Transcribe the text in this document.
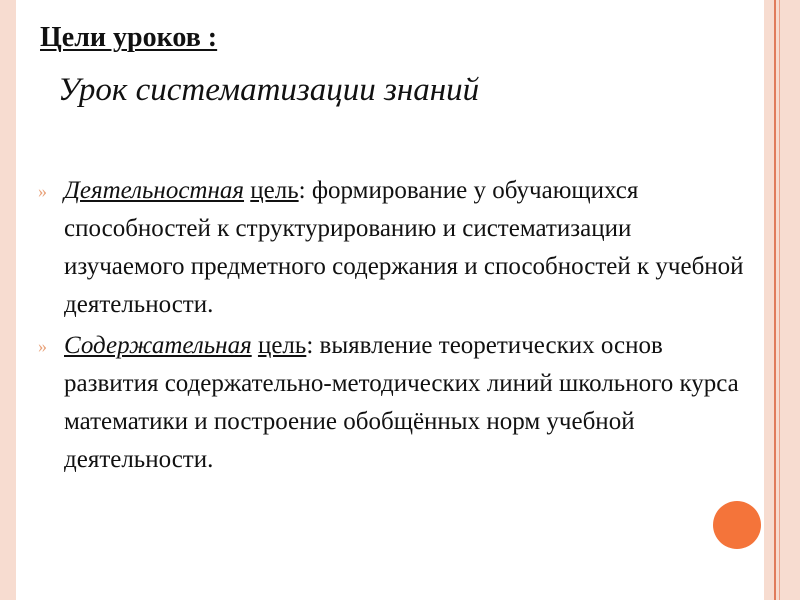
Цели уроков :
Урок систематизации знаний
» Деятельностная цель: формирование у обучающихся способностей к структурированию и систематизации изучаемого предметного содержания и способностей к учебной деятельности.
» Содержательная цель: выявление теоретических основ развития содержательно-методических линий школьного курса математики и построение обобщённых норм учебной деятельности.
